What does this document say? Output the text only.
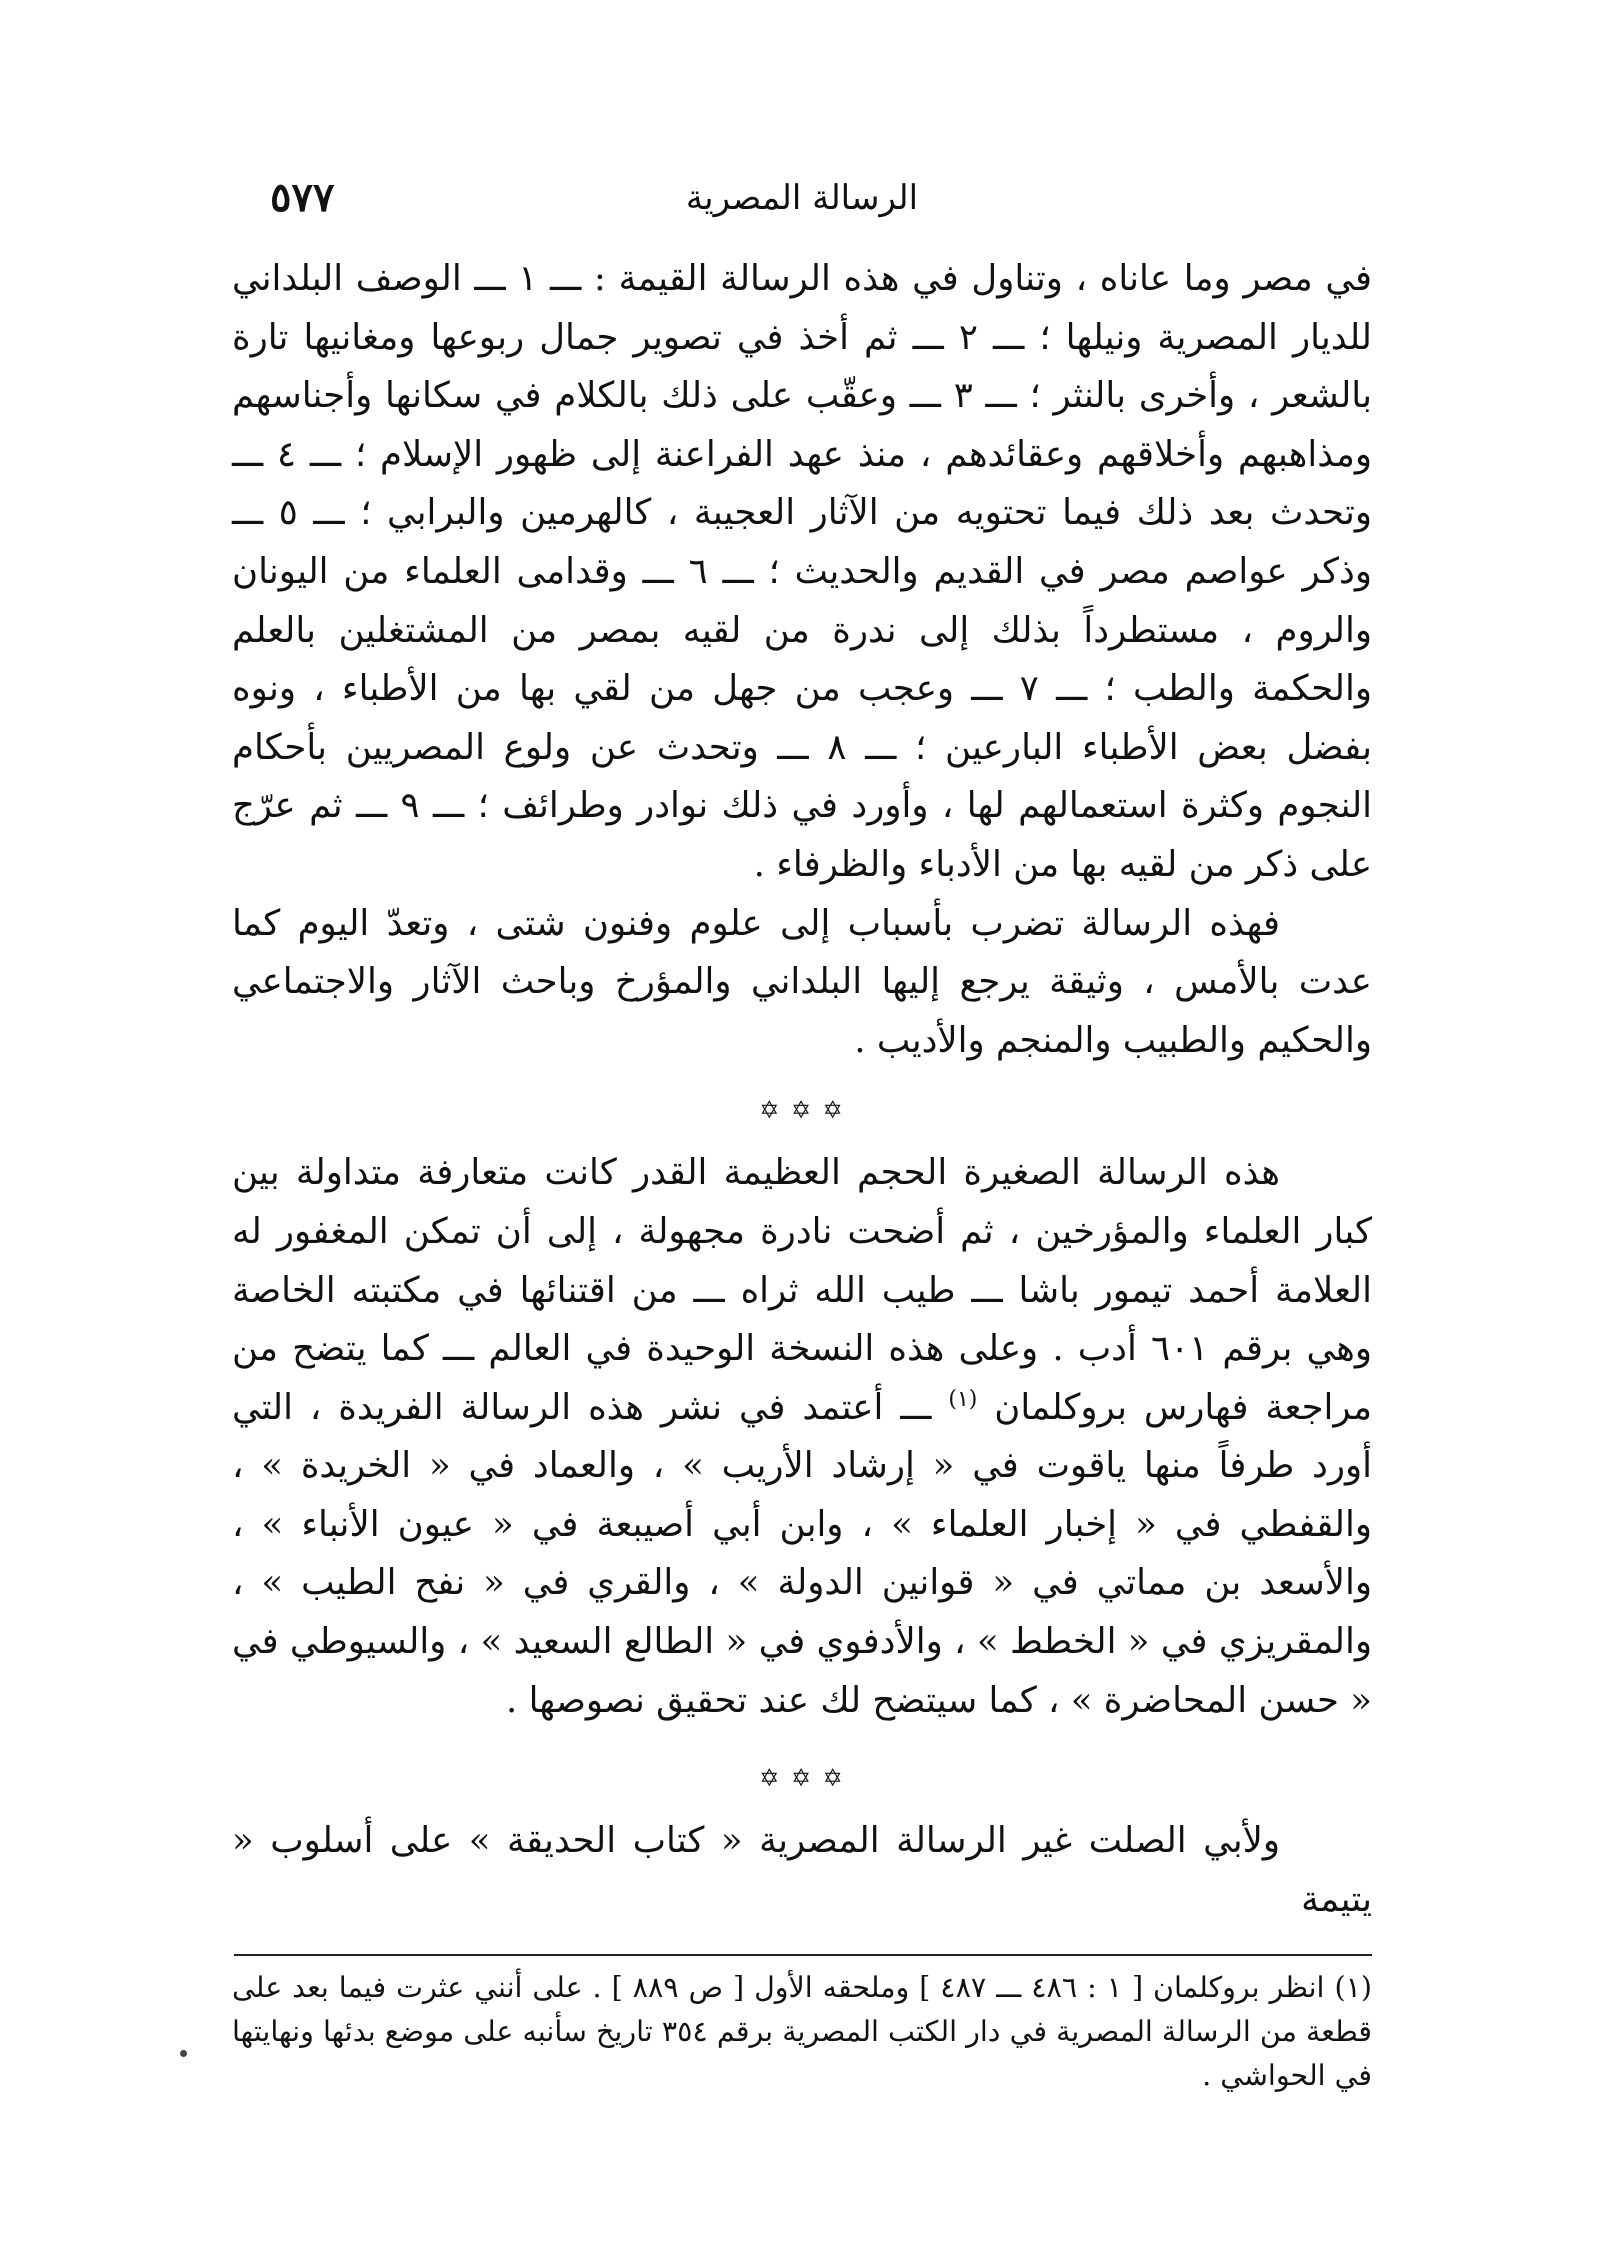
الرسالة المصرية
٥٧٧

في مصر وما عاناه ، وتناول في هذه الرسالة القيمة : ـــ ١ ـــ الوصف البلداني للديار المصرية ونيلها ؛ ـــ ٢ ـــ ثم أخذ في تصوير جمال ربوعها ومغانيها تارة بالشعر ، وأخرى بالنثر ؛ ـــ ٣ ـــ وعقّب على ذلك بالكلام في سكانها وأجناسهم ومذاهبهم وأخلاقهم وعقائدهم ، منذ عهد الفراعنة إلى ظهور الإسلام ؛ ـــ ٤ ـــ وتحدث بعد ذلك فيما تحتويه من الآثار العجيبة ، كالهرمين والبرابي ؛ ـــ ٥ ـــ وذكر عواصم مصر في القديم والحديث ؛ ـــ ٦ ـــ وقدامى العلماء من اليونان والروم ، مستطرداً بذلك إلى ندرة من لقيه بمصر من المشتغلين بالعلم والحكمة والطب ؛ ـــ ٧ ـــ وعجب من جهل من لقي بها من الأطباء ، ونوه بفضل بعض الأطباء البارعين ؛ ـــ ٨ ـــ وتحدث عن ولوع المصريين بأحكام النجوم وكثرة استعمالهم لها ، وأورد في ذلك نوادر وطرائف ؛ ـــ ٩ ـــ ثم عرّج على ذكر من لقيه بها من الأدباء والظرفاء .

فهذه الرسالة تضرب بأسباب إلى علوم وفنون شتى ، وتعدّ اليوم كما عدت بالأمس ، وثيقة يرجع إليها البلداني والمؤرخ وباحث الآثار والاجتماعي والحكيم والطبيب والمنجم والأديب .

✡ ✡ ✡

هذه الرسالة الصغيرة الحجم العظيمة القدر كانت متعارفة متداولة بين كبار العلماء والمؤرخين ، ثم أضحت نادرة مجهولة ، إلى أن تمكن المغفور له العلامة أحمد تيمور باشا ـــ طيب الله ثراه ـــ من اقتنائها في مكتبته الخاصة وهي برقم ٦٠١ أدب . وعلى هذه النسخة الوحيدة في العالم ـــ كما يتضح من مراجعة فهارس بروكلمان $^{(١)}$ ـــ أعتمد في نشر هذه الرسالة الفريدة ، التي أورد طرفاً منها ياقوت في « إرشاد الأريب » ، والعماد في « الخريدة » ، والقفطي في « إخبار العلماء » ، وابن أبي أصيبعة في « عيون الأنباء » ، والأسعد بن مماتي في « قوانين الدولة » ، والقري في « نفح الطيب » ، والمقريزي في « الخطط » ، والأدفوي في « الطالع السعيد » ، والسيوطي في « حسن المحاضرة » ، كما سيتضح لك عند تحقيق نصوصها .

✡ ✡ ✡

ولأبي الصلت غير الرسالة المصرية « كتاب الحديقة » على أسلوب « يتيمة

(١) انظر بروكلمان [ ١ : ٤٨٦ ـــ ٤٨٧ ] وملحقه الأول [ ص ٨٨٩ ] . على أنني عثرت فيما بعد على قطعة من الرسالة المصرية في دار الكتب المصرية برقم ٣٥٤ تاريخ سأنبه على موضع بدئها ونهايتها في الحواشي .
